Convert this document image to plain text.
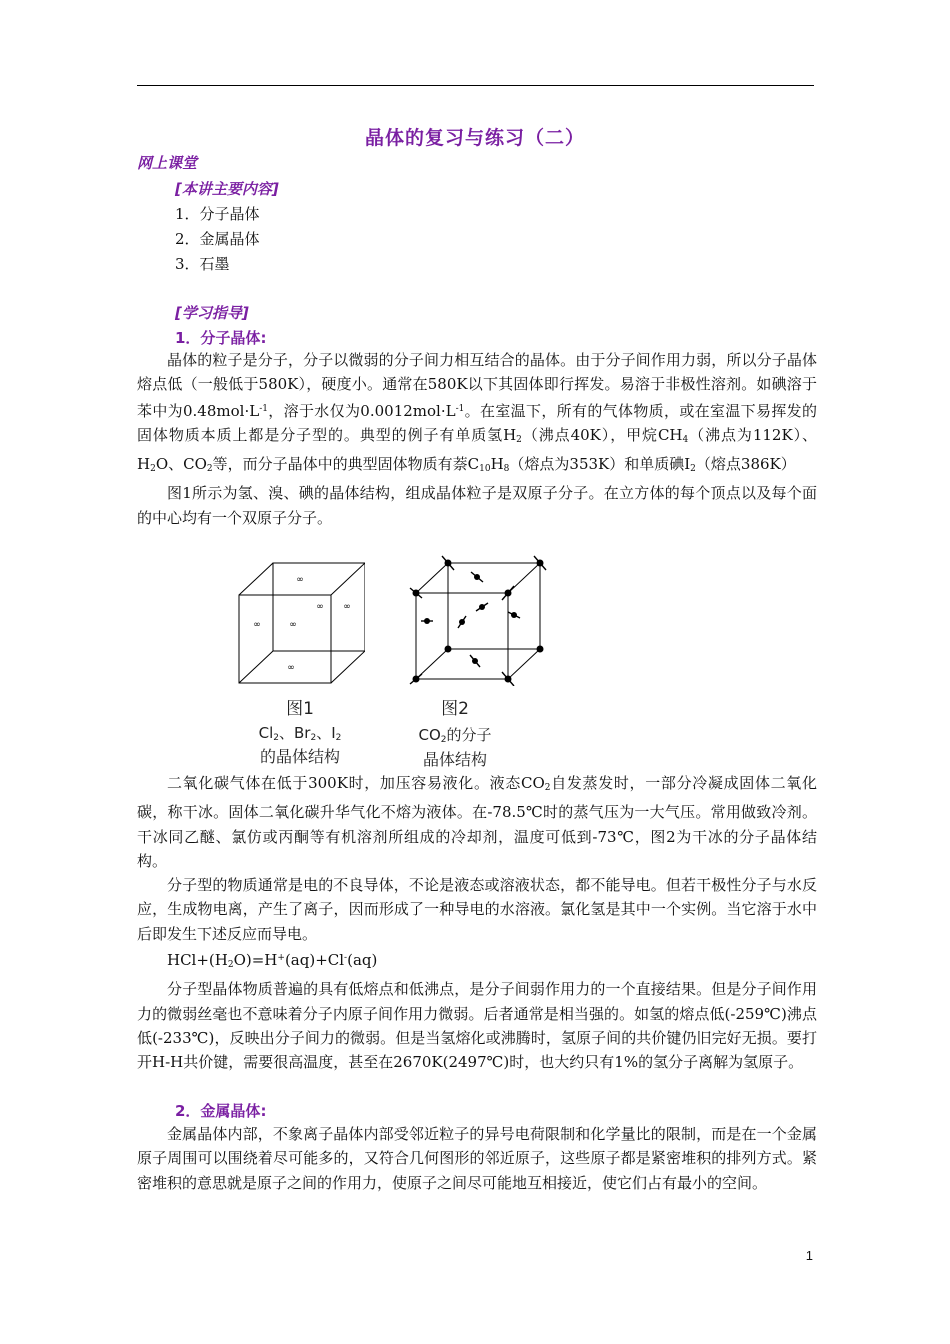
晶体的复习与练习（二）
网上课堂
[本讲主要内容]
1．分子晶体
2．金属晶体
3．石墨
[学习指导]
1．分子晶体:

晶体的粒子是分子，分子以微弱的分子间力相互结合的晶体。由于分子间作用力弱，所以分子晶体熔点低（一般低于580K），硬度小。通常在580K以下其固体即行挥发。易溶于非极性溶剂。如碘溶于苯中为$0.48mol\cdot L^{-1}$，溶于水仅为$0.0012mol\cdot L^{-1}$。在室温下，所有的气体物质，或在室温下易挥发的固体物质本质上都是分子型的。典型的例子有单质氢$H_2$（沸点40K），甲烷$CH_4$（沸点为112K）、$H_2O$、$CO_2$等，而分子晶体中的典型固体物质有萘$C_{10}H_8$（熔点为353K）和单质碘$I_2$（熔点386K）

图1所示为氢、溴、碘的晶体结构，组成晶体粒子是双原子分子。在立方体的每个顶点以及每个面的中心均有一个双原子分子。

∞
∞	∞
∞ ∞
∞
图1
$Cl_2$、$Br_2$、$I_2$
的晶体结构
图2
$CO_2$的分子
晶体结构

二氧化碳气体在低于300K时，加压容易液化。液态$CO_2$自发蒸发时，一部分冷凝成固体二氧化碳，称干冰。固体二氧化碳升华气化不熔为液体。在-78.5℃时的蒸气压为一大气压。常用做致冷剂。干冰同乙醚、氯仿或丙酮等有机溶剂所组成的冷却剂，温度可低到-73℃，图2为干冰的分子晶体结构。

分子型的物质通常是电的不良导体，不论是液态或溶液状态，都不能导电。但若干极性分子与水反应，生成物电离，产生了离子，因而形成了一种导电的水溶液。氯化氢是其中一个实例。当它溶于水中后即发生下述反应而导电。

$HCl+(H_2O)=H^+(aq)+Cl^-(aq)$

分子型晶体物质普遍的具有低熔点和低沸点，是分子间弱作用力的一个直接结果。但是分子间作用力的微弱丝毫也不意味着分子内原子间作用力微弱。后者通常是相当强的。如氢的熔点低(-259℃)沸点低(-233℃)，反映出分子间力的微弱。但是当氢熔化或沸腾时，氢原子间的共价键仍旧完好无损。要打开H-H共价键，需要很高温度，甚至在2670K(2497℃)时，也大约只有1%的氢分子离解为氢原子。

2．金属晶体:

金属晶体内部，不象离子晶体内部受邻近粒子的异号电荷限制和化学量比的限制，而是在一个金属原子周围可以围绕着尽可能多的，又符合几何图形的邻近原子，这些原子都是紧密堆积的排列方式。紧密堆积的意思就是原子之间的作用力，使原子之间尽可能地互相接近，使它们占有最小的空间。

1
